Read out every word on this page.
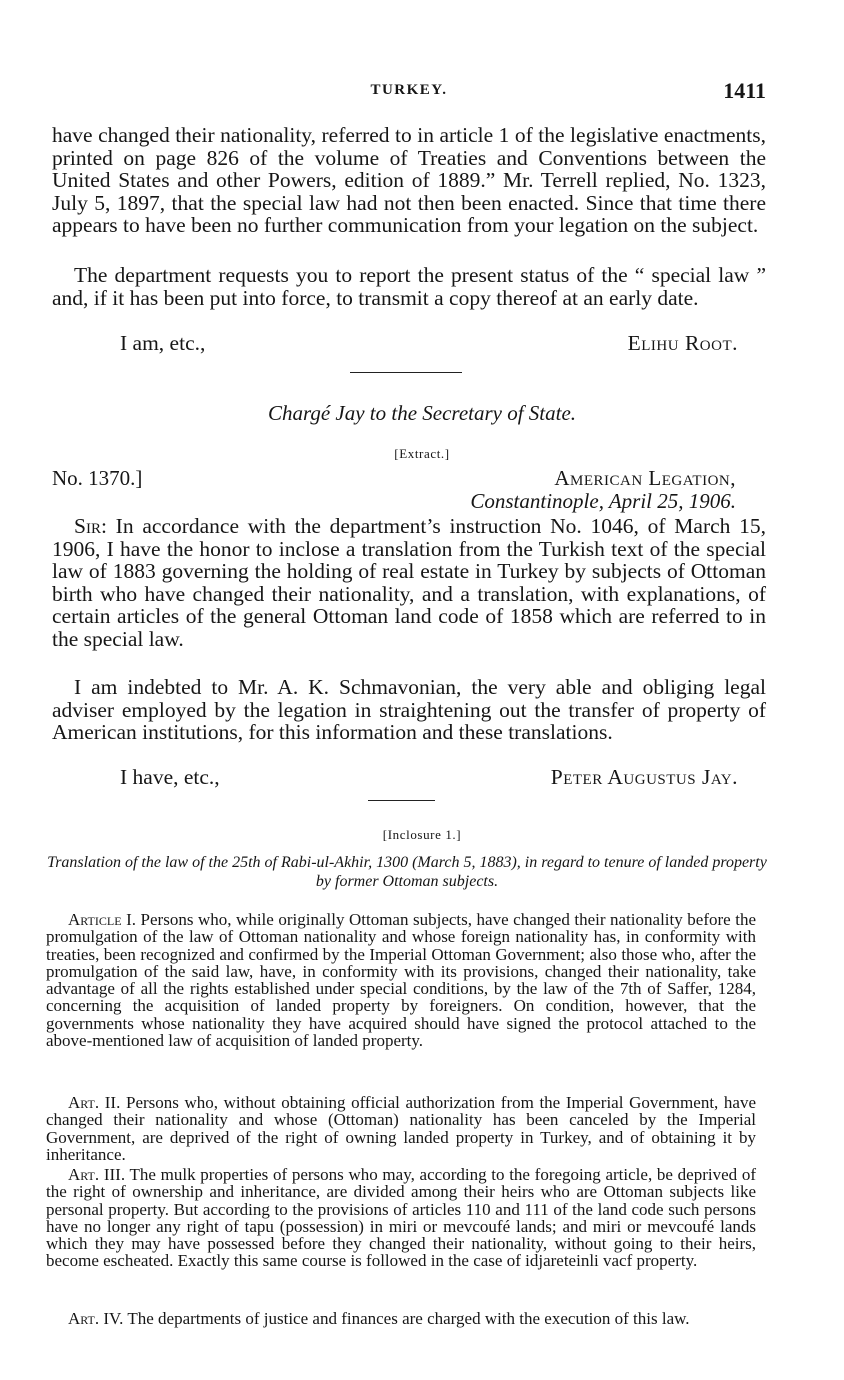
TURKEY.	1411

have changed their nationality, referred to in article 1 of the legislative enactments, printed on page 826 of the volume of Treaties and Conventions between the United States and other Powers, edition of 1889.” Mr. Terrell replied, No. 1323, July 5, 1897, that the special law had not then been enacted. Since that time there appears to have been no further communication from your legation on the subject.

The department requests you to report the present status of the “ special law ” and, if it has been put into force, to transmit a copy thereof at an early date.

I am, etc.,	Elihu Root.
Chargé Jay to the Secretary of State.
[Extract.]
No. 1370.]	American Legation,
Constantinople, April 25, 1906.

Sir: In accordance with the department’s instruction No. 1046, of March 15, 1906, I have the honor to inclose a translation from the Turkish text of the special law of 1883 governing the holding of real estate in Turkey by subjects of Ottoman birth who have changed their nationality, and a translation, with explanations, of certain articles of the general Ottoman land code of 1858 which are referred to in the special law.

I am indebted to Mr. A. K. Schmavonian, the very able and obliging legal adviser employed by the legation in straightening out the transfer of property of American institutions, for this information and these translations.

I have, etc.,	Peter Augustus Jay.
[Inclosure 1.]

Translation of the law of the 25th of Rabi-ul-Akhir, 1300 (March 5, 1883), in regard to tenure of landed property by former Ottoman subjects.

Article I. Persons who, while originally Ottoman subjects, have changed their nationality before the promulgation of the law of Ottoman nationality and whose foreign nationality has, in conformity with treaties, been recognized and confirmed by the Imperial Ottoman Government; also those who, after the promulgation of the said law, have, in conformity with its provisions, changed their nationality, take advantage of all the rights established under special conditions, by the law of the 7th of Saffer, 1284, concerning the acquisition of landed property by foreigners. On condition, however, that the governments whose nationality they have acquired should have signed the protocol attached to the above-mentioned law of acquisition of landed property.

Art. II. Persons who, without obtaining official authorization from the Imperial Government, have changed their nationality and whose (Ottoman) nationality has been canceled by the Imperial Government, are deprived of the right of owning landed property in Turkey, and of obtaining it by inheritance.

Art. III. The mulk properties of persons who may, according to the foregoing article, be deprived of the right of ownership and inheritance, are divided among their heirs who are Ottoman subjects like personal property. But according to the provisions of articles 110 and 111 of the land code such persons have no longer any right of tapu (possession) in miri or mevcoufé lands; and miri or mevcoufé lands which they may have possessed before they changed their nationality, without going to their heirs, become escheated. Exactly this same course is followed in the case of idjareteinli vacf property.

Art. IV. The departments of justice and finances are charged with the execution of this law.
